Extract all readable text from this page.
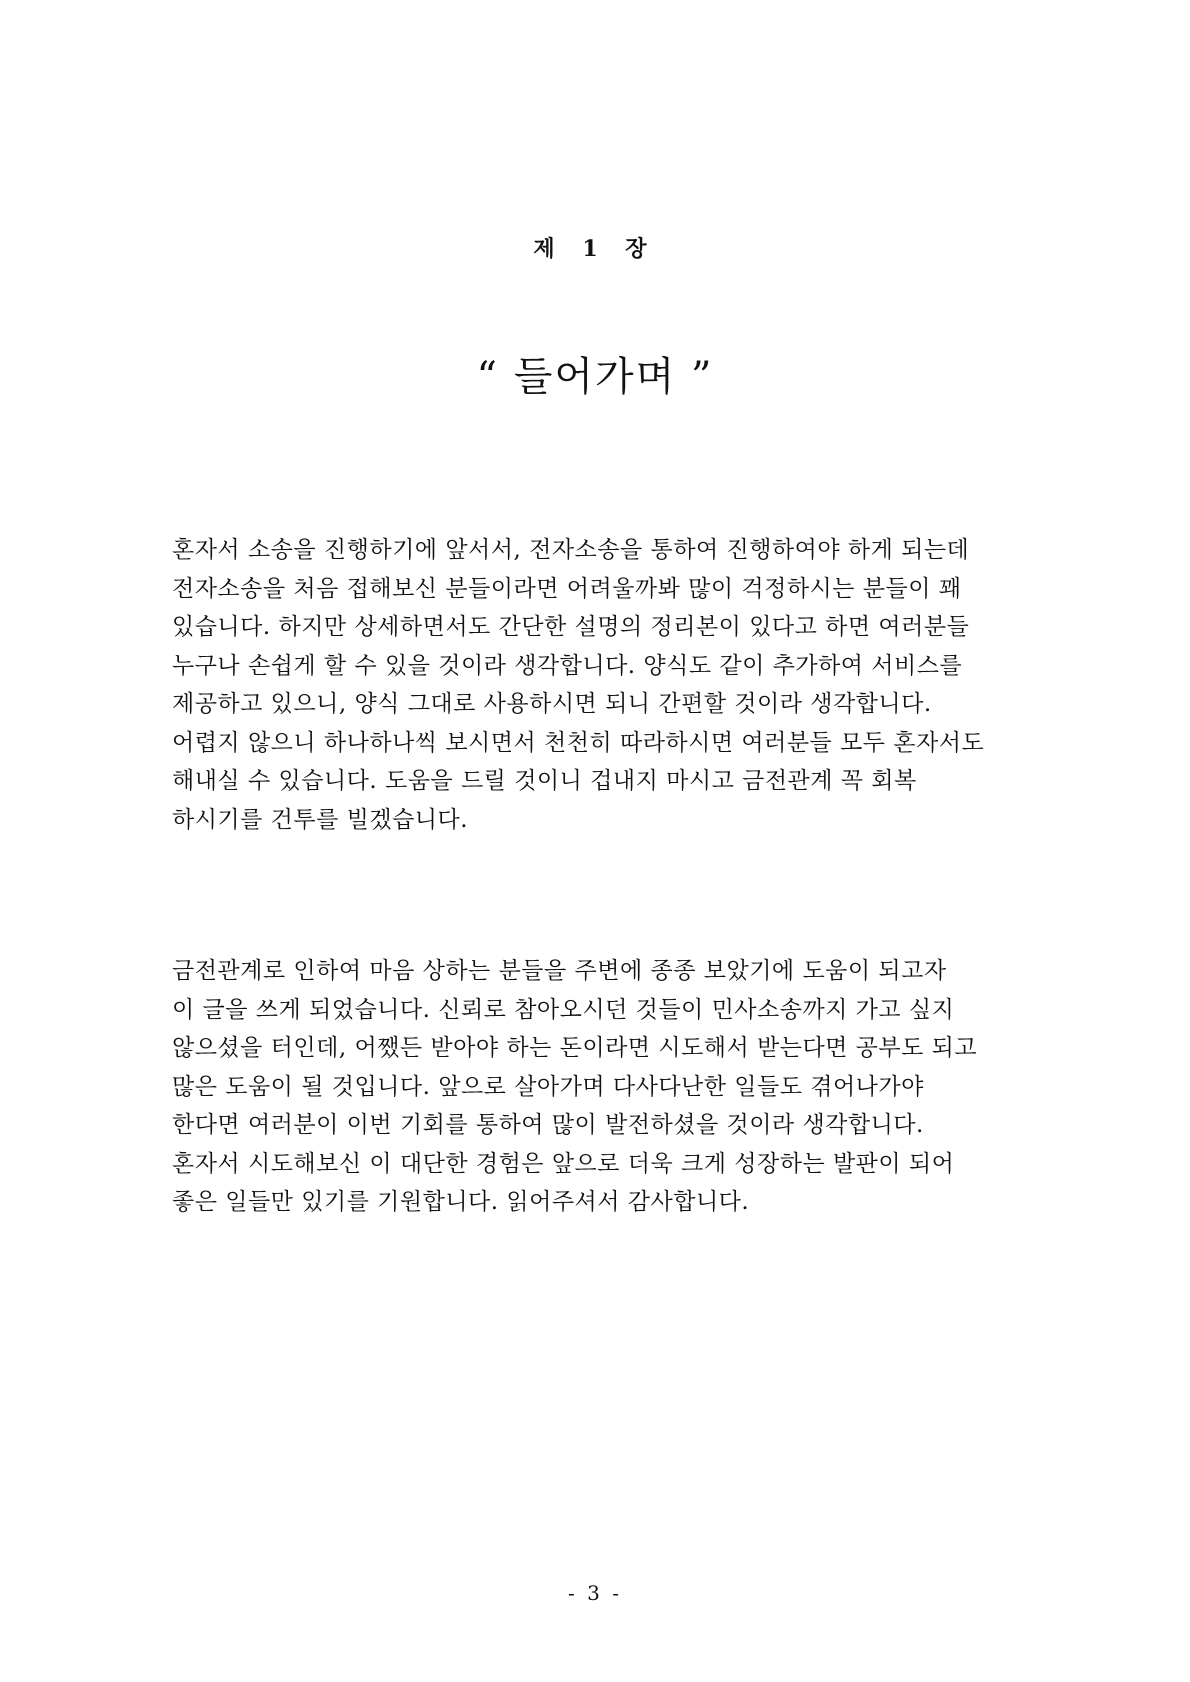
제 1 장
“ 들어가며 ”
혼자서 소송을 진행하기에 앞서서, 전자소송을 통하여 진행하여야 하게 되는데
전자소송을 처음 접해보신 분들이라면 어려울까봐 많이 걱정하시는 분들이 꽤
있습니다. 하지만 상세하면서도 간단한 설명의 정리본이 있다고 하면 여러분들
누구나 손쉽게 할 수 있을 것이라 생각합니다. 양식도 같이 추가하여 서비스를
제공하고 있으니, 양식 그대로 사용하시면 되니 간편할 것이라 생각합니다.
어렵지 않으니 하나하나씩 보시면서 천천히 따라하시면 여러분들 모두 혼자서도
해내실 수 있습니다. 도움을 드릴 것이니 겁내지 마시고 금전관계 꼭 회복
하시기를 건투를 빌겠습니다.
금전관계로 인하여 마음 상하는 분들을 주변에 종종 보았기에 도움이 되고자
이 글을 쓰게 되었습니다. 신뢰로 참아오시던 것들이 민사소송까지 가고 싶지
않으셨을 터인데, 어쨌든 받아야 하는 돈이라면 시도해서 받는다면 공부도 되고
많은 도움이 될 것입니다. 앞으로 살아가며 다사다난한 일들도 겪어나가야
한다면 여러분이 이번 기회를 통하여 많이 발전하셨을 것이라 생각합니다.
혼자서 시도해보신 이 대단한 경험은 앞으로 더욱 크게 성장하는 발판이 되어
좋은 일들만 있기를 기원합니다. 읽어주셔서 감사합니다.
- 3 -
